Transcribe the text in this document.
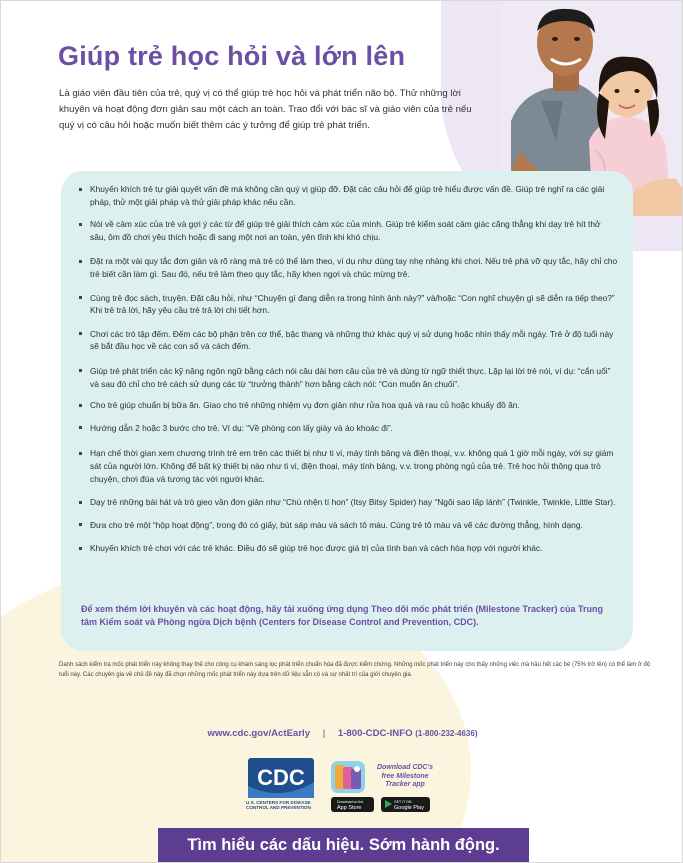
Giúp trẻ học hỏi và lớn lên

Là giáo viên đầu tiên của trẻ, quý vị có thể giúp trẻ học hỏi và phát triển não bộ. Thử những lời khuyên và hoạt động đơn giản sau một cách an toàn. Trao đổi với bác sĩ và giáo viên của trẻ nếu quý vị có câu hỏi hoặc muốn biết thêm các ý tưởng để giúp trẻ phát triển.

Khuyến khích trẻ tự giải quyết vấn đề mà không cần quý vị giúp đỡ. Đặt các câu hỏi để giúp trẻ hiểu được vấn đề. Giúp trẻ nghĩ ra các giải pháp, thử một giải pháp và thử giải pháp khác nếu cần.
Nói về cảm xúc của trẻ và gợi ý các từ để giúp trẻ giải thích cảm xúc của mình. Giúp trẻ kiểm soát cảm giác căng thẳng khi dạy trẻ hít thở sâu, ôm đồ chơi yêu thích hoặc đi sang một nơi an toàn, yên tĩnh khi khó chịu.
Đặt ra một vài quy tắc đơn giản và rõ ràng mà trẻ có thể làm theo, ví dụ như dùng tay nhẹ nhàng khi chơi. Nếu trẻ phá vỡ quy tắc, hãy chỉ cho trẻ biết cần làm gì. Sau đó, nếu trẻ làm theo quy tắc, hãy khen ngợi và chúc mừng trẻ.
Cùng trẻ đọc sách, truyện. Đặt câu hỏi, như “Chuyện gì đang diễn ra trong hình ảnh này?” và/hoặc “Con nghĩ chuyện gì sẽ diễn ra tiếp theo?” Khi trẻ trả lời, hãy yêu cầu trẻ trả lời chi tiết hơn.
Chơi các trò tập đếm. Đếm các bộ phận trên cơ thể, bậc thang và những thứ khác quý vị sử dụng hoặc nhìn thấy mỗi ngày. Trẻ ở độ tuổi này sẽ bắt đầu học về các con số và cách đếm.
Giúp trẻ phát triển các kỹ năng ngôn ngữ bằng cách nói câu dài hơn câu của trẻ và dùng từ ngữ thiết thực. Lặp lại lời trẻ nói, ví dụ: “cẩn uổi” và sau đó chỉ cho trẻ cách sử dụng các từ “trưởng thành” hơn bằng cách nói: “Con muốn ăn chuối”.
Cho trẻ giúp chuẩn bị bữa ăn. Giao cho trẻ những nhiệm vụ đơn giản như rửa hoa quả và rau củ hoặc khuấy đồ ăn.
Hướng dẫn 2 hoặc 3 bước cho trẻ. Ví dụ: “Về phòng con lấy giày và áo khoác đi”.
Hạn chế thời gian xem chương trình trẻ em trên các thiết bị như ti vi, máy tính bảng và điện thoại, v.v. không quá 1 giờ mỗi ngày, với sự giám sát của người lớn. Không để bất kỳ thiết bị nào như ti vi, điện thoại, máy tính bảng, v.v. trong phòng ngủ của trẻ. Trẻ học hỏi thông qua trò chuyện, chơi đùa và tương tác với người khác.
Dạy trẻ những bài hát và trò gieo vần đơn giản như “Chú nhện tí hon” (Itsy Bitsy Spider) hay “Ngôi sao lấp lánh” (Twinkle, Twinkle, Little Star).
Đưa cho trẻ một “hộp hoạt động”, trong đó có giấy, bút sáp màu và sách tô màu. Cùng trẻ tô màu và vẽ các đường thẳng, hình dạng.
Khuyến khích trẻ chơi với các trẻ khác. Điều đó sẽ giúp trẻ học được giá trị của tình bạn và cách hòa hợp với người khác.

Để xem thêm lời khuyên và các hoạt động, hãy tải xuống ứng dụng Theo dõi mốc phát triển (Milestone Tracker) của Trung tâm Kiểm soát và Phòng ngừa Dịch bệnh (Centers for Disease Control and Prevention, CDC).

Danh sách kiểm tra mốc phát triển này không thay thế cho công cụ khám sàng lọc phát triển chuẩn hóa đã được kiểm chứng. Những mốc phát triển này cho thấy những việc mà hầu hết các bé (75% trở lên) có thể làm ở độ tuổi này. Các chuyên gia về chủ đề này đã chọn những mốc phát triển này dựa trên dữ liệu sẵn có và sự nhất trí của giới chuyên gia.

www.cdc.gov/ActEarly | 1-800-CDC-INFO (1-800-232-4636)
CDC
U.S. CENTERS FOR DISEASE
CONTROL AND PREVENTION
Download CDC's
free Milestone
Tracker app
Download on the
App Store
GET IT ON
Google Play
Tìm hiểu các dấu hiệu. Sớm hành động.
